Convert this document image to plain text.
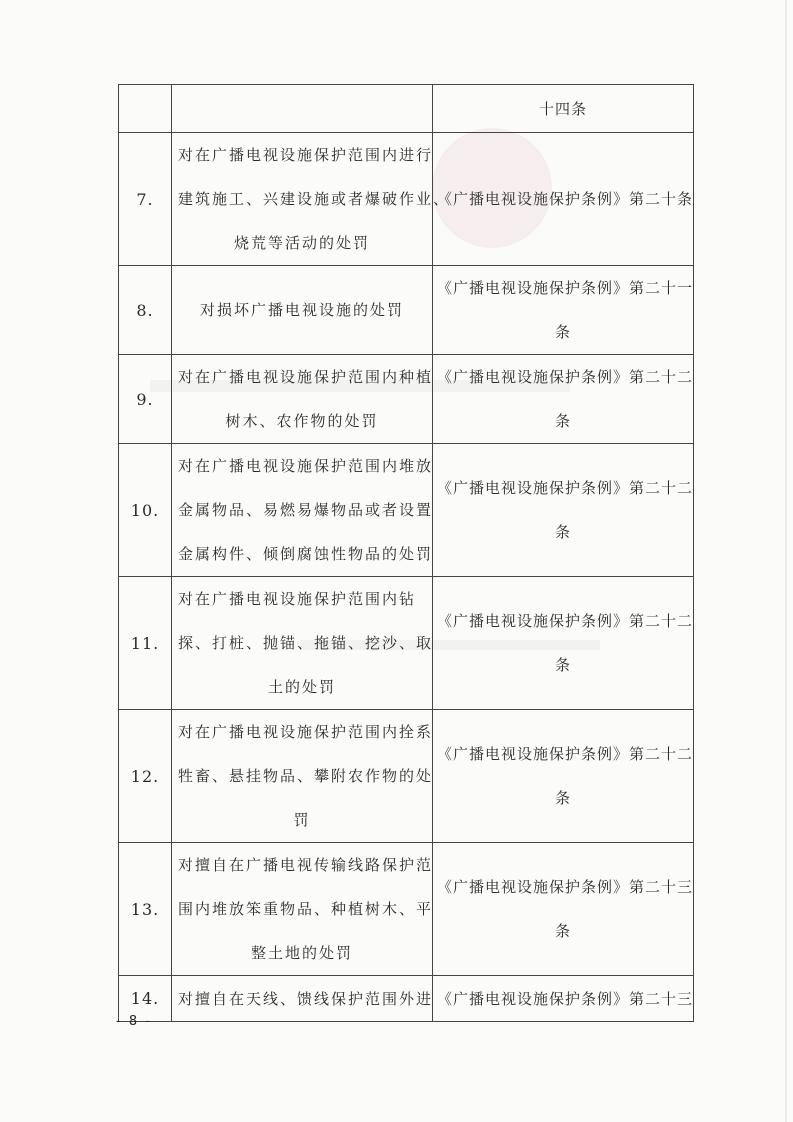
		十四条

7.	对在广播电视设施保护范围内进行
建筑施工、兴建设施或者爆破作业、
烧荒等活动的处罚	《广播电视设施保护条例》第二十条

8.	对损坏广播电视设施的处罚	《广播电视设施保护条例》第二十一
条

9.	对在广播电视设施保护范围内种植
树木、农作物的处罚	《广播电视设施保护条例》第二十二
条

10.	对在广播电视设施保护范围内堆放
金属物品、易燃易爆物品或者设置
金属构件、倾倒腐蚀性物品的处罚	《广播电视设施保护条例》第二十二
条

11.	对在广播电视设施保护范围内钻
探、打桩、抛锚、拖锚、挖沙、取
土的处罚	《广播电视设施保护条例》第二十二
条

12.	对在广播电视设施保护范围内拴系
牲畜、悬挂物品、攀附农作物的处
罚	《广播电视设施保护条例》第二十二
条

13.	对擅自在广播电视传输线路保护范
围内堆放笨重物品、种植树木、平
整土地的处罚	《广播电视设施保护条例》第二十三
条

14.	对擅自在天线、馈线保护范围外进	《广播电视设施保护条例》第二十三
- 8 -
